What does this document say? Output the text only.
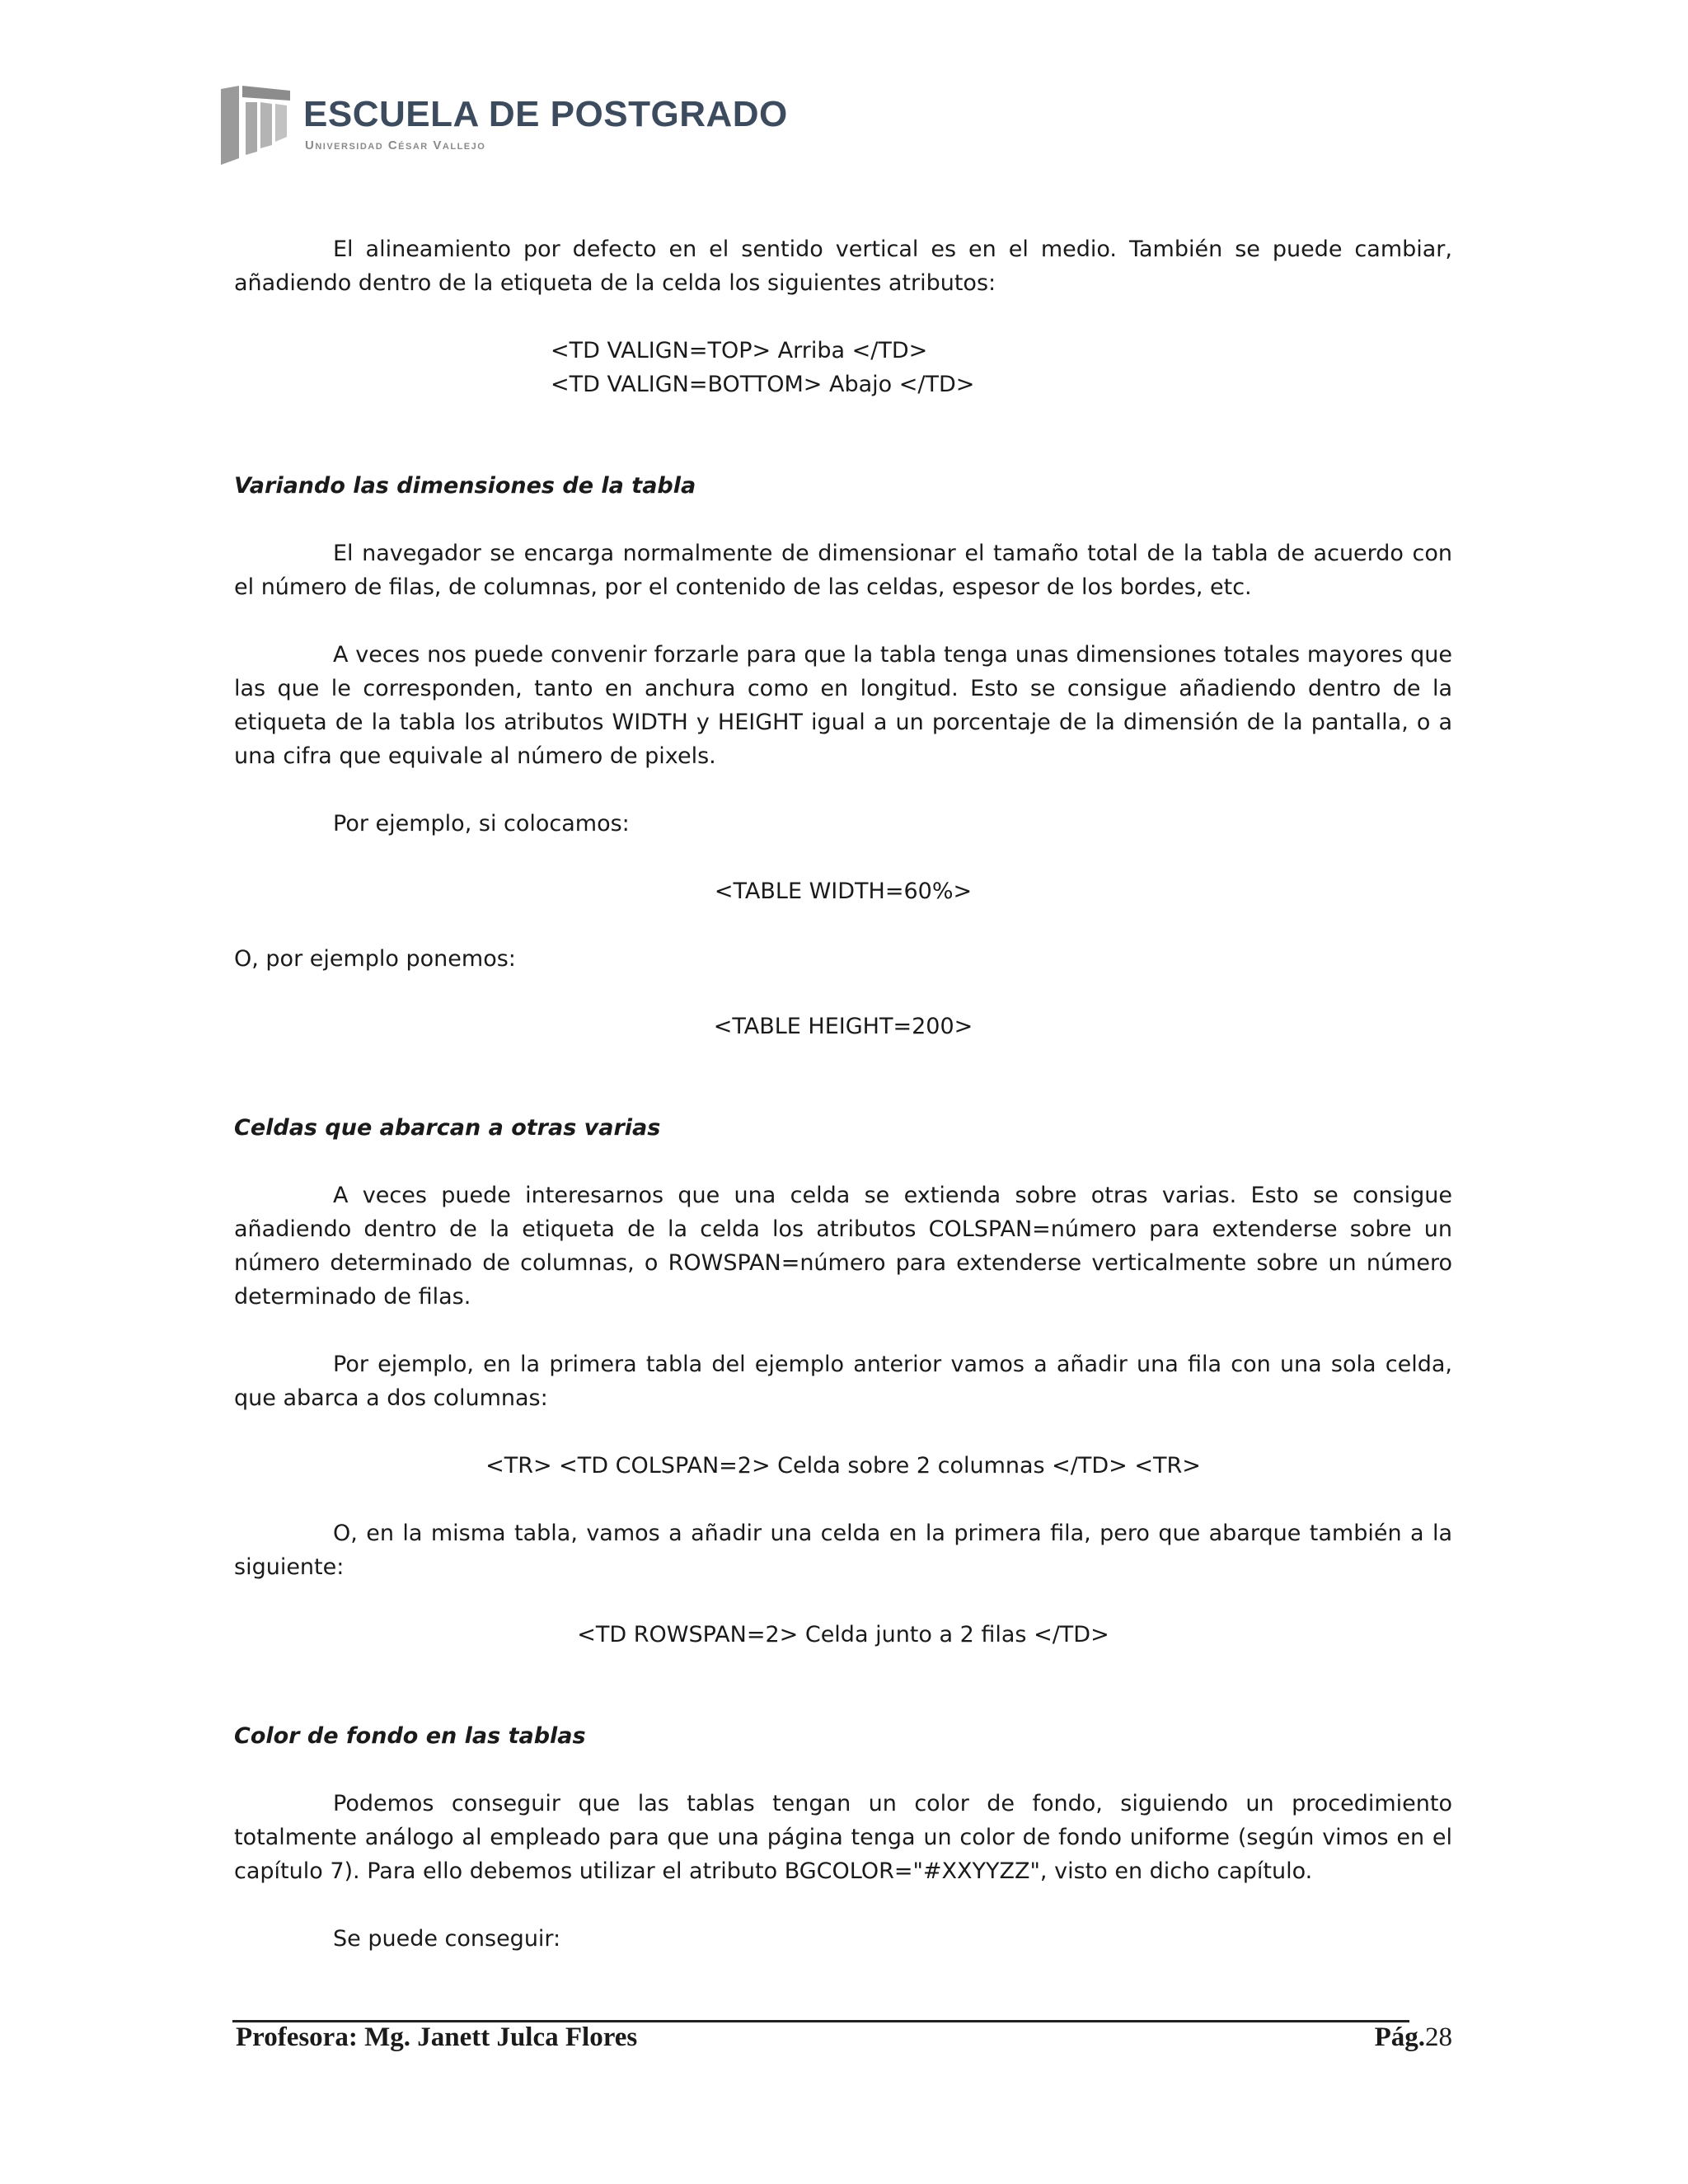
ESCUELA DE POSTGRADO
Universidad César Vallejo

El alineamiento por defecto en el sentido vertical es en el medio. También se puede cambiar, añadiendo dentro de la etiqueta de la celda los siguientes atributos:

<TD VALIGN=TOP> Arriba </TD>

<TD VALIGN=BOTTOM> Abajo </TD>

Variando las dimensiones de la tabla

El navegador se encarga normalmente de dimensionar el tamaño total de la tabla de acuerdo con el número de filas, de columnas, por el contenido de las celdas, espesor de los bordes, etc.

A veces nos puede convenir forzarle para que la tabla tenga unas dimensiones totales mayores que las que le corresponden, tanto en anchura como en longitud. Esto se consigue añadiendo dentro de la etiqueta de la tabla los atributos WIDTH y HEIGHT igual a un porcentaje de la dimensión de la pantalla, o a una cifra que equivale al número de pixels.

Por ejemplo, si colocamos:

<TABLE WIDTH=60%>

O, por ejemplo ponemos:

<TABLE HEIGHT=200>

Celdas que abarcan a otras varias

A veces puede interesarnos que una celda se extienda sobre otras varias. Esto se consigue añadiendo dentro de la etiqueta de la celda los atributos COLSPAN=número para extenderse sobre un número determinado de columnas, o ROWSPAN=número para extenderse verticalmente sobre un número determinado de filas.

Por ejemplo, en la primera tabla del ejemplo anterior vamos a añadir una fila con una sola celda, que abarca a dos columnas:

<TR> <TD COLSPAN=2> Celda sobre 2 columnas </TD> <TR>

O, en la misma tabla, vamos a añadir una celda en la primera fila, pero que abarque también a la siguiente:

<TD ROWSPAN=2> Celda junto a 2 filas </TD>

Color de fondo en las tablas

Podemos conseguir que las tablas tengan un color de fondo, siguiendo un procedimiento totalmente análogo al empleado para que una página tenga un color de fondo uniforme (según vimos en el capítulo 7). Para ello debemos utilizar el atributo BGCOLOR="#XXYYZZ", visto en dicho capítulo.

Se puede conseguir:

Profesora: Mg. Janett Julca Flores	Pág.28
